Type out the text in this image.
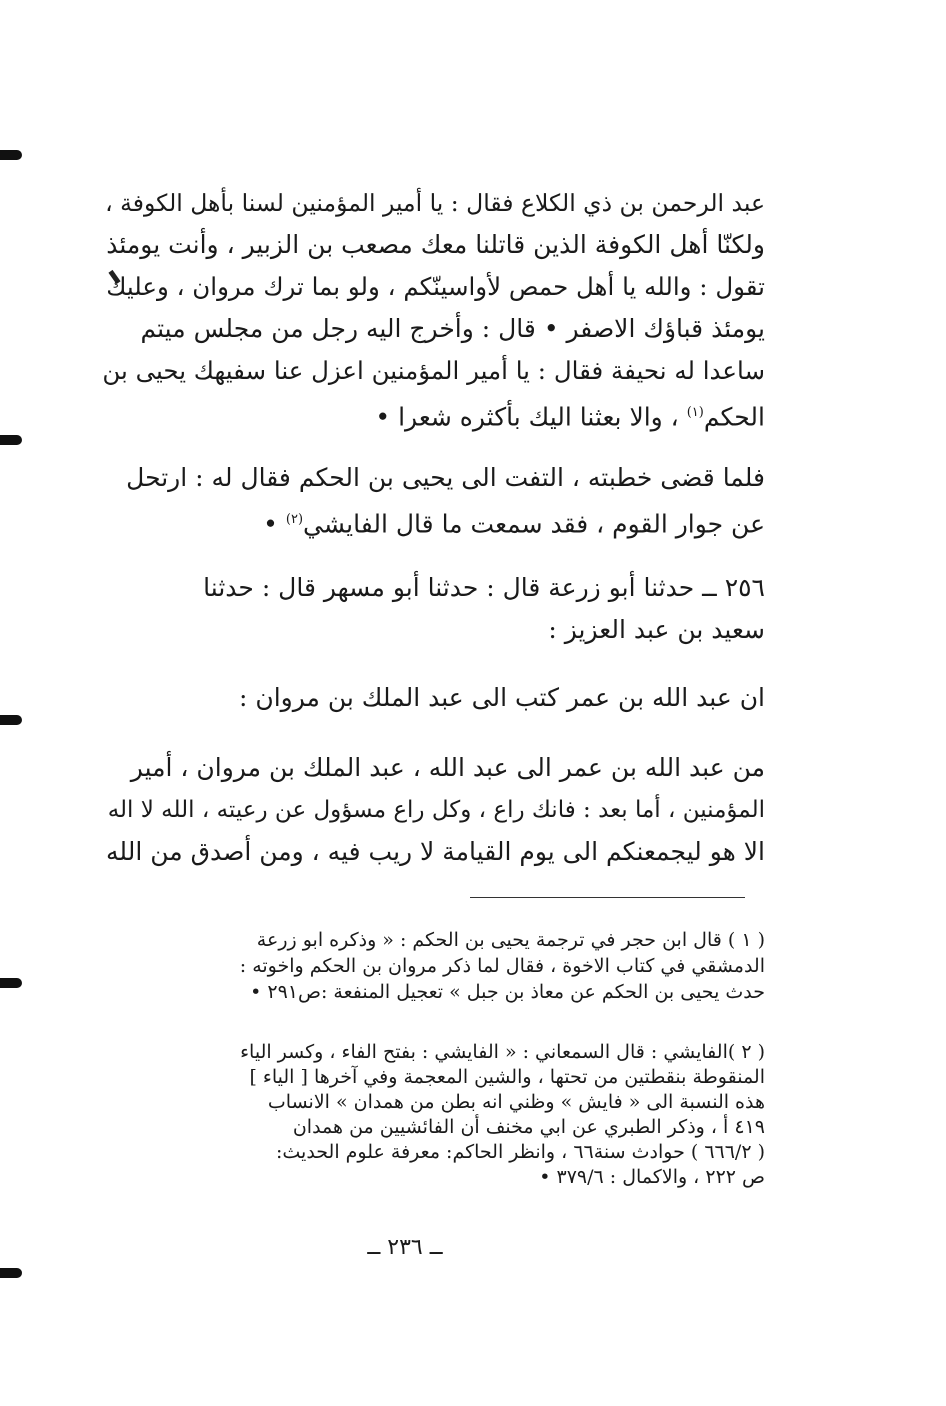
عبد الرحمن بن ذي الكلاع فقال : يا أمير المؤمنين لسنا بأهل الكوفة ،
ولكنّا أهل الكوفة الذين قاتلنا معك مصعب بن الزبير ، وأنت يومئذ
تقول : والله يا أهل حمص لأواسينّكم ، ولو بما ترك مروان ، وعليك
يومئذ قباؤك الاصفر • قال : وأخرج اليه رجل من مجلس ميتم
ساعدا له نحيفة فقال : يا أمير المؤمنين اعزل عنا سفيهك يحيى بن
الحكم$^{(١)}$ ، والا بعثنا اليك بأكثره شعرا •
فلما قضى خطبته ، التفت الى يحيى بن الحكم فقال له : ارتحل
عن جوار القوم ، فقد سمعت ما قال الفايشي$^{(٢)}$ •
٢٥٦ ــ حدثنا أبو زرعة قال : حدثنا أبو مسهر قال : حدثنا
سعيد بن عبد العزيز :
ان عبد الله بن عمر كتب الى عبد الملك بن مروان :
من عبد الله بن عمر الى عبد الله ، عبد الملك بن مروان ، أمير
المؤمنين ، أما بعد : فانك راع ، وكل راع مسؤول عن رعيته ، الله لا اله
الا هو ليجمعنكم الى يوم القيامة لا ريب فيه ، ومن أصدق من الله
( ١ ) قال ابن حجر في ترجمة يحيى بن الحكم : « وذكره ابو زرعة
الدمشقي في كتاب الاخوة ، فقال لما ذكر مروان بن الحكم واخوته :
حدث يحيى بن الحكم عن معاذ بن جبل » تعجيل المنفعة :ص٢٩١ •
( ٢ )الفايشي : قال السمعاني : « الفايشي : بفتح الفاء ، وكسر الياء
المنقوطة بنقطتين من تحتها ، والشين المعجمة وفي آخرها [ الياء ]
هذه النسبة الى « فايش » وظني انه بطن من همدان » الانساب
٤١٩ أ ، وذكر الطبري عن ابي مخنف أن الفائشيين من همدان
( ٦٦٦/٢ ) حوادث سنة٦٦ ، وانظر الحاكم: معرفة علوم الحديث:
ص ٢٢٢ ، والاكمال : ٣٧٩/٦ •
ــ ٢٣٦ ــ
